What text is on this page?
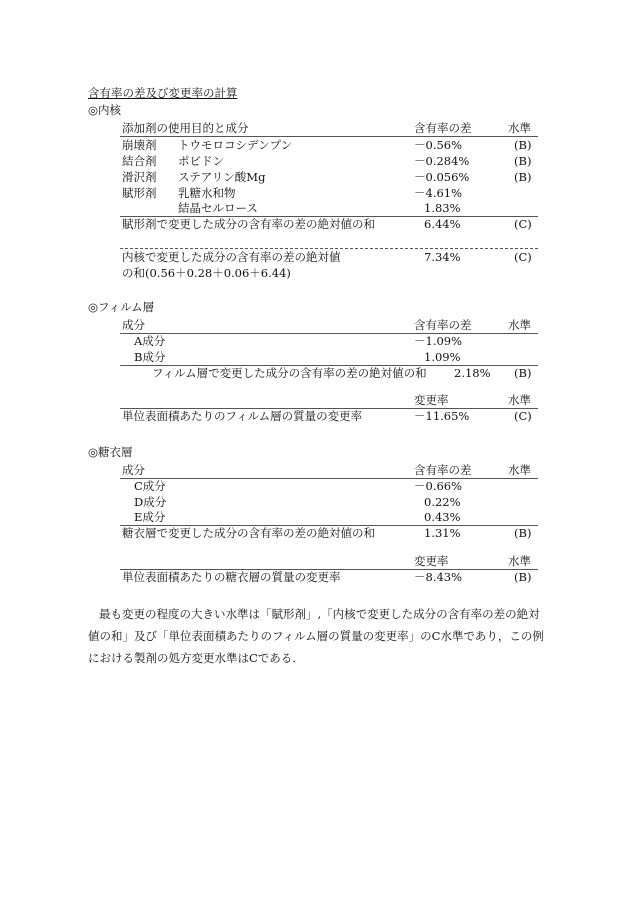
含有率の差及び変更率の計算
◎内核
添加剤の使用目的と成分	含有率の差	水準
崩壊剤 トウモロコシデンプン	－0.56%	(B)
結合剤 ポビドン	－0.284%	(B)
滑沢剤 ステアリン酸Mg	－0.056%	(B)
賦形剤 乳糖水和物	－4.61%
結晶セルロース	1.83%
賦形剤で変更した成分の含有率の差の絶対値の和	6.44%	(C)
内核で変更した成分の含有率の差の絶対値
の和(0.56＋0.28＋0.06＋6.44)
7.34%	(C)
◎フィルム層
成分	含有率の差	水準
A成分	－1.09%
B成分	1.09%
フィルム層で変更した成分の含有率の差の絶対値の和 2.18% (B)
変更率	水準
単位表面積あたりのフィルム層の質量の変更率	－11.65%	(C)
◎糖衣層
成分	含有率の差	水準
C成分	－0.66%
D成分	0.22%
E成分	0.43%
糖衣層で変更した成分の含有率の差の絶対値の和	1.31%	(B)
変更率	水準
単位表面積あたりの糖衣層の質量の変更率	－8.43%	(B)
最も変更の程度の大きい水準は「賦形剤」,「内核で変更した成分の含有率の差の絶対値の和」及び「単位表面積あたりのフィルム層の質量の変更率」のC水準であり，この例における製剤の処方変更水準はCである.
